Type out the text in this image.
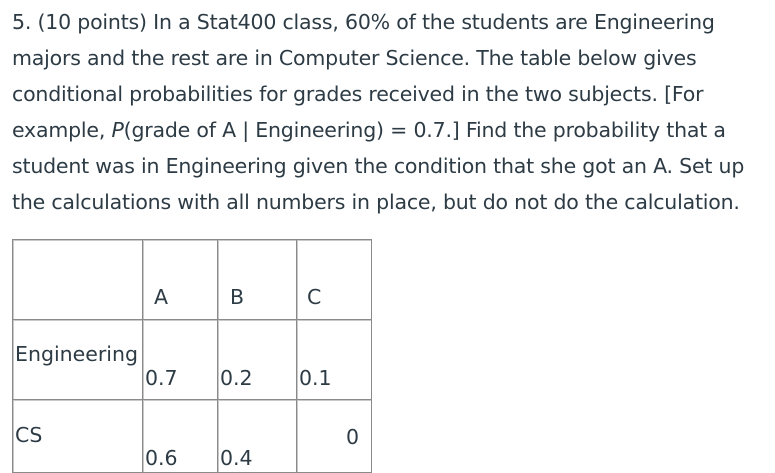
5. (10 points) In a Stat400 class, 60% of the students are Engineering
majors and the rest are in Computer Science. The table below gives
conditional probabilities for grades received in the two subjects. [For
example, P(grade of A | Engineering) = 0.7.] Find the probability that a
student was in Engineering given the condition that she got an A. Set up
the calculations with all numbers in place, but do not do the calculation.

	A	B	C

Engineering	0.7	0.2	0.1

CS	0.6	0.4	0
